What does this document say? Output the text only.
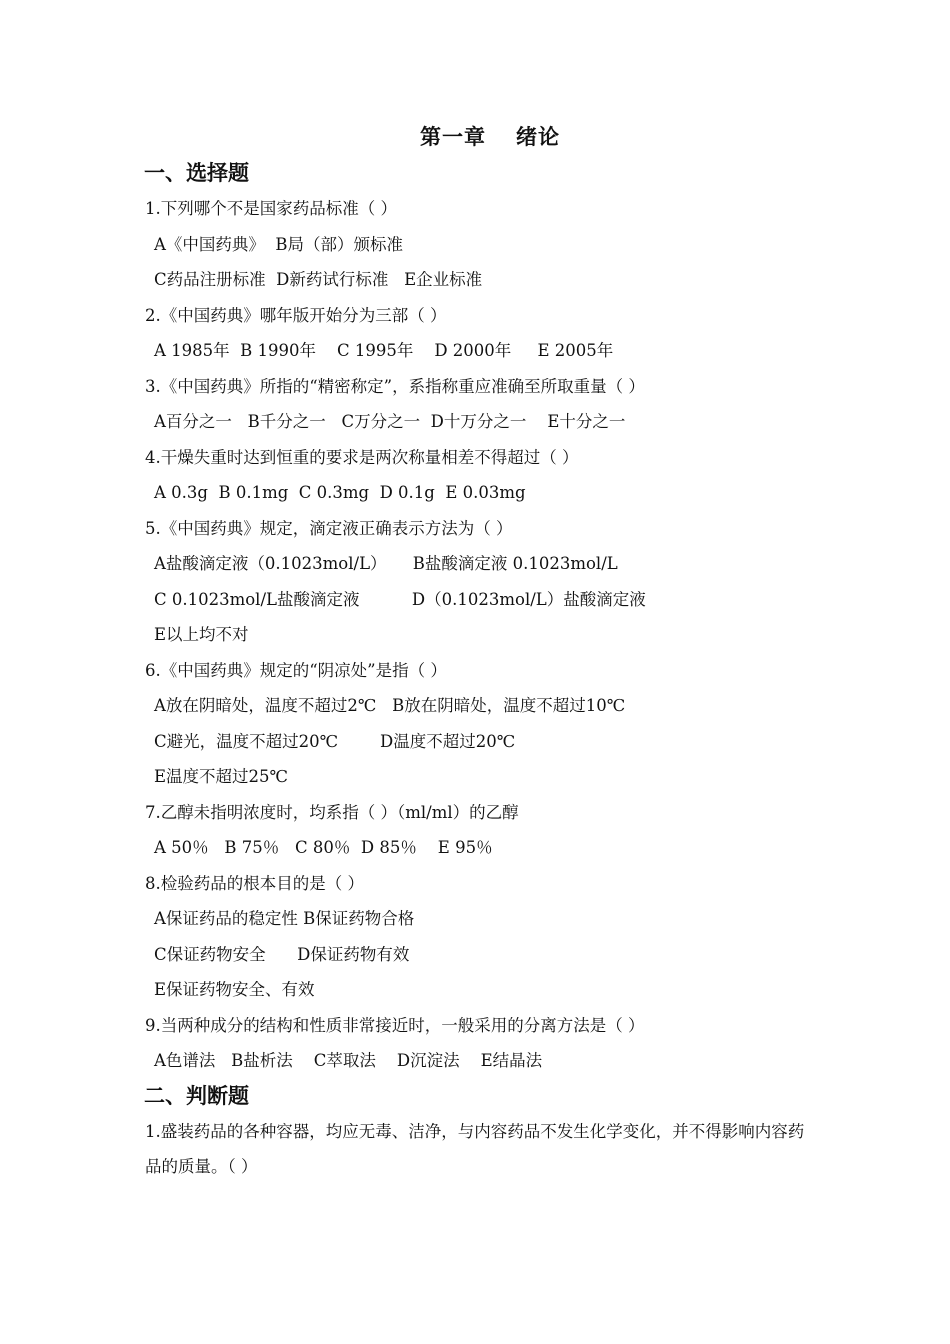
第一章 绪论
一、选择题
1.下列哪个不是国家药品标准（ ）
A《中国药典》  B局（部）颁标准
C药品注册标准  D新药试行标准   E企业标准
2.《中国药典》哪年版开始分为三部（ ）
A 1985年  B 1990年    C 1995年    D 2000年     E 2005年
3.《中国药典》所指的“精密称定”，系指称重应准确至所取重量（ ）
A百分之一   B千分之一   C万分之一  D十万分之一    E十分之一
4.干燥失重时达到恒重的要求是两次称量相差不得超过（ ）
A 0.3g  B 0.1mg  C 0.3mg  D 0.1g  E 0.03mg
5.《中国药典》规定，滴定液正确表示方法为（ ）
A盐酸滴定液（0.1023mol/L）     B盐酸滴定液 0.1023mol/L
C 0.1023mol/L盐酸滴定液          D（0.1023mol/L）盐酸滴定液
E以上均不对
6.《中国药典》规定的“阴凉处”是指（ ）
A放在阴暗处，温度不超过2℃   B放在阴暗处，温度不超过10℃
C避光，温度不超过20℃        D温度不超过20℃
E温度不超过25℃
7.乙醇未指明浓度时，均系指（ ）（ml/ml）的乙醇
A 50％   B 75％   C 80％  D 85％    E 95％
8.检验药品的根本目的是（ ）
A保证药品的稳定性 B保证药物合格
C保证药物安全      D保证药物有效
E保证药物安全、有效
9.当两种成分的结构和性质非常接近时，一般采用的分离方法是（ ）
A色谱法   B盐析法    C萃取法    D沉淀法    E结晶法
二、判断题
1.盛装药品的各种容器，均应无毒、洁净，与内容药品不发生化学变化，并不得影响内容药品的质量。（ ）
